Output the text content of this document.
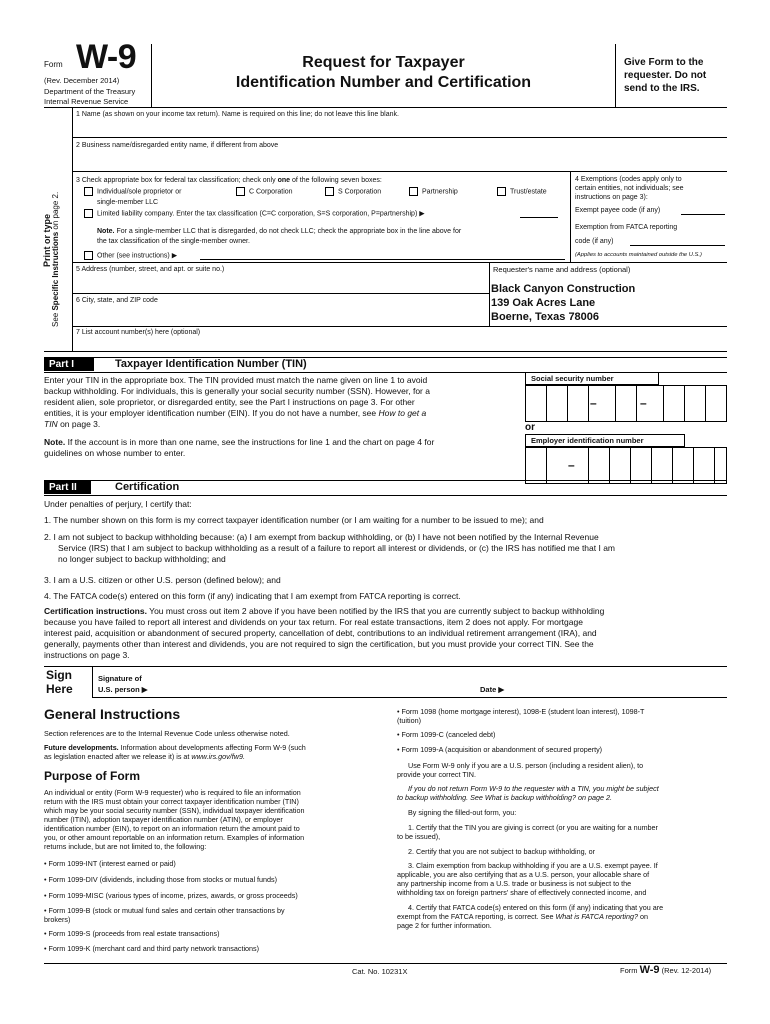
Form W-9
(Rev. December 2014)
Department of the Treasury
Internal Revenue Service
Request for Taxpayer
Identification Number and Certification
Give Form to the
requester. Do not
send to the IRS.
See Specific Instructions on page 2.
Print or type
1 Name (as shown on your income tax return). Name is required on this line; do not leave this line blank.
2 Business name/disregarded entity name, if different from above
3 Check appropriate box for federal tax classification; check only one of the following seven boxes:
Individual/sole proprietor or
single-member LLC
C Corporation	S Corporation	Partnership	Trust/estate
Limited liability company. Enter the tax classification (C=C corporation, S=S corporation, P=partnership) ▶
Note. For a single-member LLC that is disregarded, do not check LLC; check the appropriate box in the line above for
the tax classification of the single-member owner.
Other (see instructions) ▶
4 Exemptions (codes apply only to
certain entities, not individuals; see
instructions on page 3):
Exempt payee code (if any)
Exemption from FATCA reporting
code (if any)
(Applies to accounts maintained outside the U.S.)
5 Address (number, street, and apt. or suite no.)	Requester's name and address (optional)
Black Canyon Construction
139 Oak Acres Lane
Boerne, Texas 78006
6 City, state, and ZIP code
7 List account number(s) here (optional)
Part I	Taxpayer Identification Number (TIN)
Enter your TIN in the appropriate box. The TIN provided must match the name given on line 1 to avoid
backup withholding. For individuals, this is generally your social security number (SSN). However, for a
resident alien, sole proprietor, or disregarded entity, see the Part I instructions on page 3. For other
entities, it is your employer identification number (EIN). If you do not have a number, see How to get a
TIN on page 3.
Note. If the account is in more than one name, see the instructions for line 1 and the chart on page 4 for
guidelines on whose number to enter.
Social security number
–	–
or
Employer identification number
–
Part II	Certification
Under penalties of perjury, I certify that:
1. The number shown on this form is my correct taxpayer identification number (or I am waiting for a number to be issued to me); and
2. I am not subject to backup withholding because: (a) I am exempt from backup withholding, or (b) I have not been notified by the Internal Revenue
Service (IRS) that I am subject to backup withholding as a result of a failure to report all interest or dividends, or (c) the IRS has notified me that I am
no longer subject to backup withholding; and
3. I am a U.S. citizen or other U.S. person (defined below); and
4. The FATCA code(s) entered on this form (if any) indicating that I am exempt from FATCA reporting is correct.
Certification instructions. You must cross out item 2 above if you have been notified by the IRS that you are currently subject to backup withholding
because you have failed to report all interest and dividends on your tax return. For real estate transactions, item 2 does not apply. For mortgage
interest paid, acquisition or abandonment of secured property, cancellation of debt, contributions to an individual retirement arrangement (IRA), and
generally, payments other than interest and dividends, you are not required to sign the certification, but you must provide your correct TIN. See the
instructions on page 3.
Sign
Here
Signature of
U.S. person ▶	Date ▶
General Instructions
Section references are to the Internal Revenue Code unless otherwise noted.
Future developments. Information about developments affecting Form W-9 (such
as legislation enacted after we release it) is at www.irs.gov/fw9.
Purpose of Form
An individual or entity (Form W-9 requester) who is required to file an information
return with the IRS must obtain your correct taxpayer identification number (TIN)
which may be your social security number (SSN), individual taxpayer identification
number (ITIN), adoption taxpayer identification number (ATIN), or employer
identification number (EIN), to report on an information return the amount paid to
you, or other amount reportable on an information return. Examples of information
returns include, but are not limited to, the following:
• Form 1099-INT (interest earned or paid)
• Form 1099-DIV (dividends, including those from stocks or mutual funds)
• Form 1099-MISC (various types of income, prizes, awards, or gross proceeds)
• Form 1099-B (stock or mutual fund sales and certain other transactions by
brokers)
• Form 1099-S (proceeds from real estate transactions)
• Form 1099-K (merchant card and third party network transactions)
• Form 1098 (home mortgage interest), 1098-E (student loan interest), 1098-T
(tuition)
• Form 1099-C (canceled debt)
• Form 1099-A (acquisition or abandonment of secured property)
Use Form W-9 only if you are a U.S. person (including a resident alien), to
provide your correct TIN.
If you do not return Form W-9 to the requester with a TIN, you might be subject
to backup withholding. See What is backup withholding? on page 2.
By signing the filled-out form, you:
1. Certify that the TIN you are giving is correct (or you are waiting for a number
to be issued),
2. Certify that you are not subject to backup withholding, or
3. Claim exemption from backup withholding if you are a U.S. exempt payee. If
applicable, you are also certifying that as a U.S. person, your allocable share of
any partnership income from a U.S. trade or business is not subject to the
withholding tax on foreign partners' share of effectively connected income, and
4. Certify that FATCA code(s) entered on this form (if any) indicating that you are
exempt from the FATCA reporting, is correct. See What is FATCA reporting? on
page 2 for further information.
Cat. No. 10231X	Form W-9 (Rev. 12-2014)
